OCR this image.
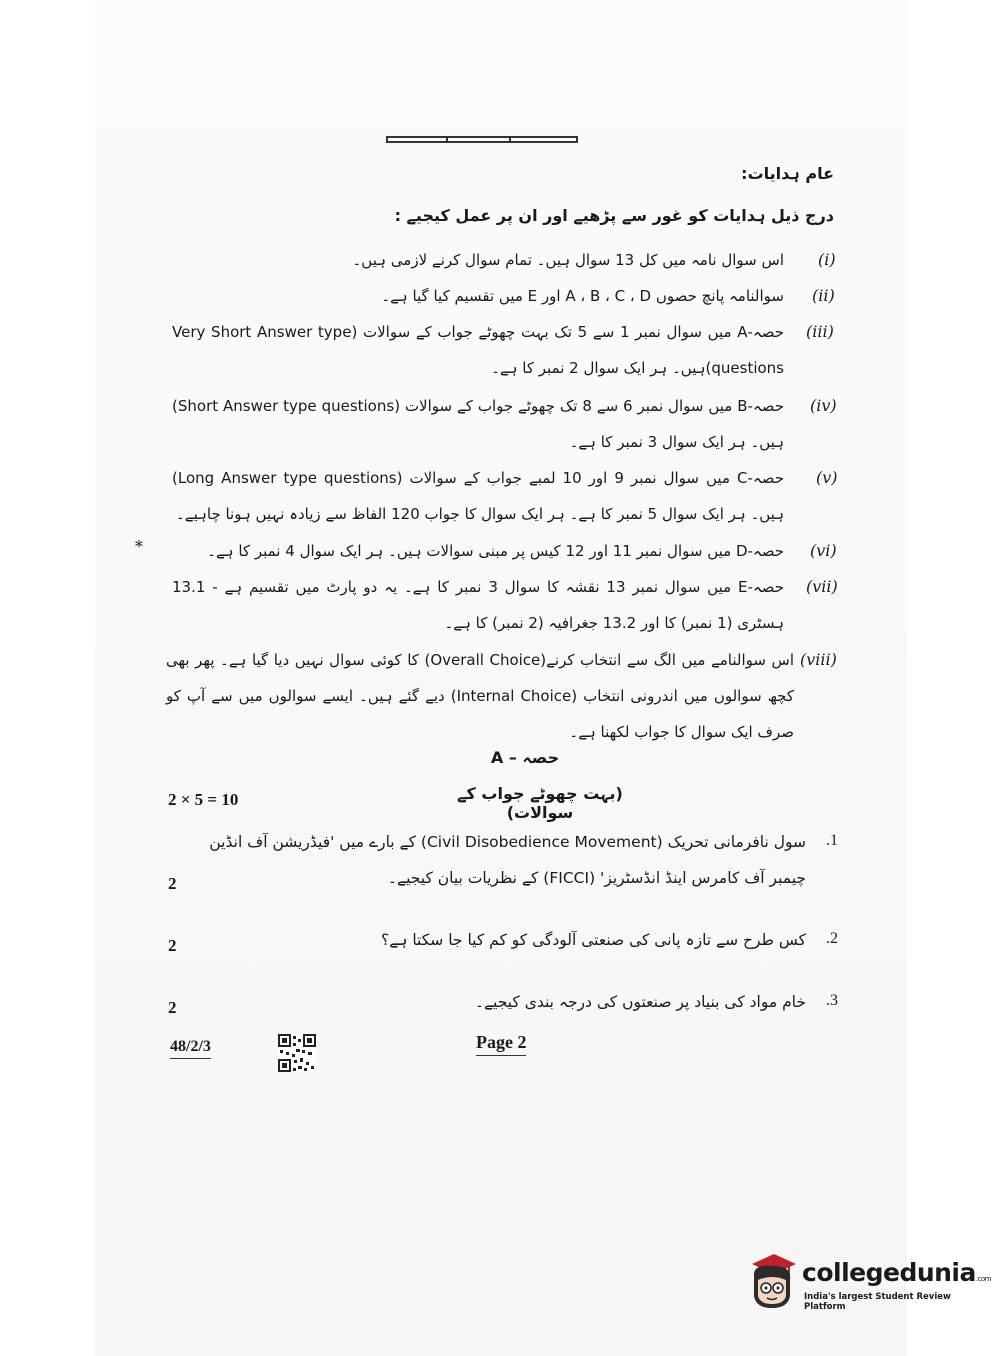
عام ہدایات:
درج ذیل ہدایات کو غور سے پڑھیے اور ان پر عمل کیجیے :
(i)
اس سوال نامہ میں کل 13 سوال ہیں۔ تمام سوال کرنے لازمی ہیں۔
(ii)
سوالنامہ پانچ حصوں A ، B ، C ، D اور E میں تقسیم کیا گیا ہے۔
(iii)
حصہ-A میں سوال نمبر 1 سے 5 تک بہت چھوٹے جواب کے سوالات (Very Short Answer type questions)ہیں۔ ہر ایک سوال 2 نمبر کا ہے۔
(iv)
حصہ-B میں سوال نمبر 6 سے 8 تک چھوٹے جواب کے سوالات (Short Answer type questions) ہیں۔ ہر ایک سوال 3 نمبر کا ہے۔
(v)
حصہ-C میں سوال نمبر 9 اور 10 لمبے جواب کے سوالات (Long Answer type questions) ہیں۔ ہر ایک سوال 5 نمبر کا ہے۔ ہر ایک سوال کا جواب 120 الفاظ سے زیادہ نہیں ہونا چاہیے۔
*	(vi)
حصہ-D میں سوال نمبر 11 اور 12 کیس پر مبنی سوالات ہیں۔ ہر ایک سوال 4 نمبر کا ہے۔
(vii)
حصہ-E میں سوال نمبر 13 نقشہ کا سوال 3 نمبر کا ہے۔ یہ دو پارٹ میں تقسیم ہے - 13.1 ہسٹری (1 نمبر) کا اور 13.2 جغرافیہ (2 نمبر) کا ہے۔
(viii)
اس سوالنامے میں الگ سے انتخاب کرنے(Overall Choice) کا کوئی سوال نہیں دیا گیا ہے۔ پھر بھی کچھ سوالوں میں اندرونی انتخاب (Internal Choice) دیے گئے ہیں۔ ایسے سوالوں میں سے آپ کو صرف ایک سوال کا جواب لکھنا ہے۔
حصہ – A
(بہت چھوٹے جواب کے سوالات)
2 × 5 = 10
.1
سول نافرمانی تحریک (Civil Disobedience Movement) کے بارے میں 'فیڈریشن آف انڈین چیمبر آف کامرس اینڈ انڈسٹریز' (FICCI) کے نظریات بیان کیجیے۔
2
.2
کس طرح سے تازہ پانی کی صنعتی آلودگی کو کم کیا جا سکتا ہے؟
2
.3
خام مواد کی بنیاد پر صنعتوں کی درجہ بندی کیجیے۔
2
48/2/3	Page 2
collegedunia.com
India's largest Student Review Platform
